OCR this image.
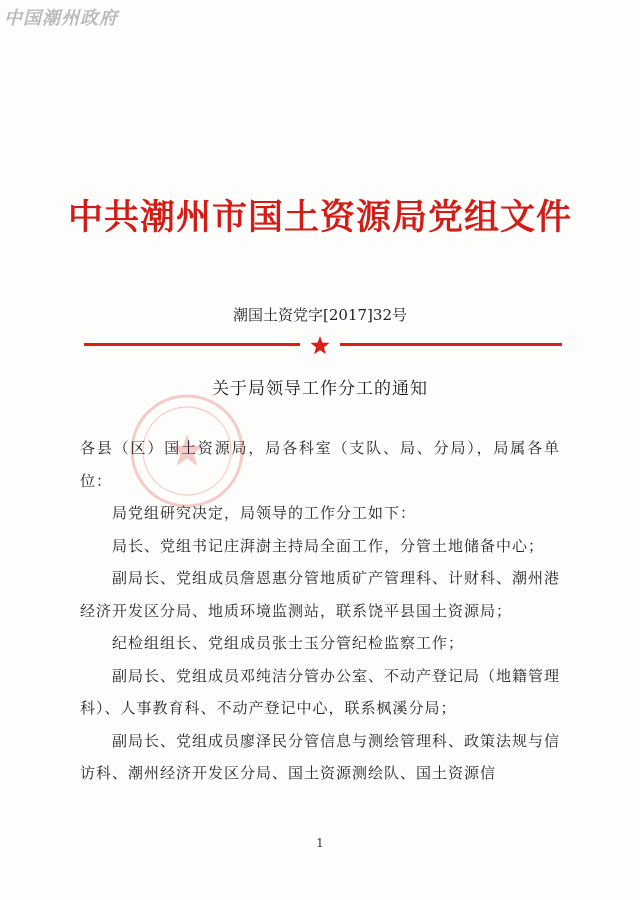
中国潮州政府
中共潮州市国土资源局党组文件
潮国土资党字[2017]32号
关于局领导工作分工的通知

各县（区）国土资源局，局各科室（支队、局、分局），局属各单位：

局党组研究决定，局领导的工作分工如下：

局长、党组书记庄湃澍主持局全面工作，分管土地储备中心；

副局长、党组成员詹恩惠分管地质矿产管理科、计财科、潮州港经济开发区分局、地质环境监测站，联系饶平县国土资源局；

纪检组组长、党组成员张士玉分管纪检监察工作；

副局长、党组成员邓纯洁分管办公室、不动产登记局（地籍管理科）、人事教育科、不动产登记中心，联系枫溪分局；

副局长、党组成员廖泽民分管信息与测绘管理科、政策法规与信访科、潮州经济开发区分局、国土资源测绘队、国土资源信

1
